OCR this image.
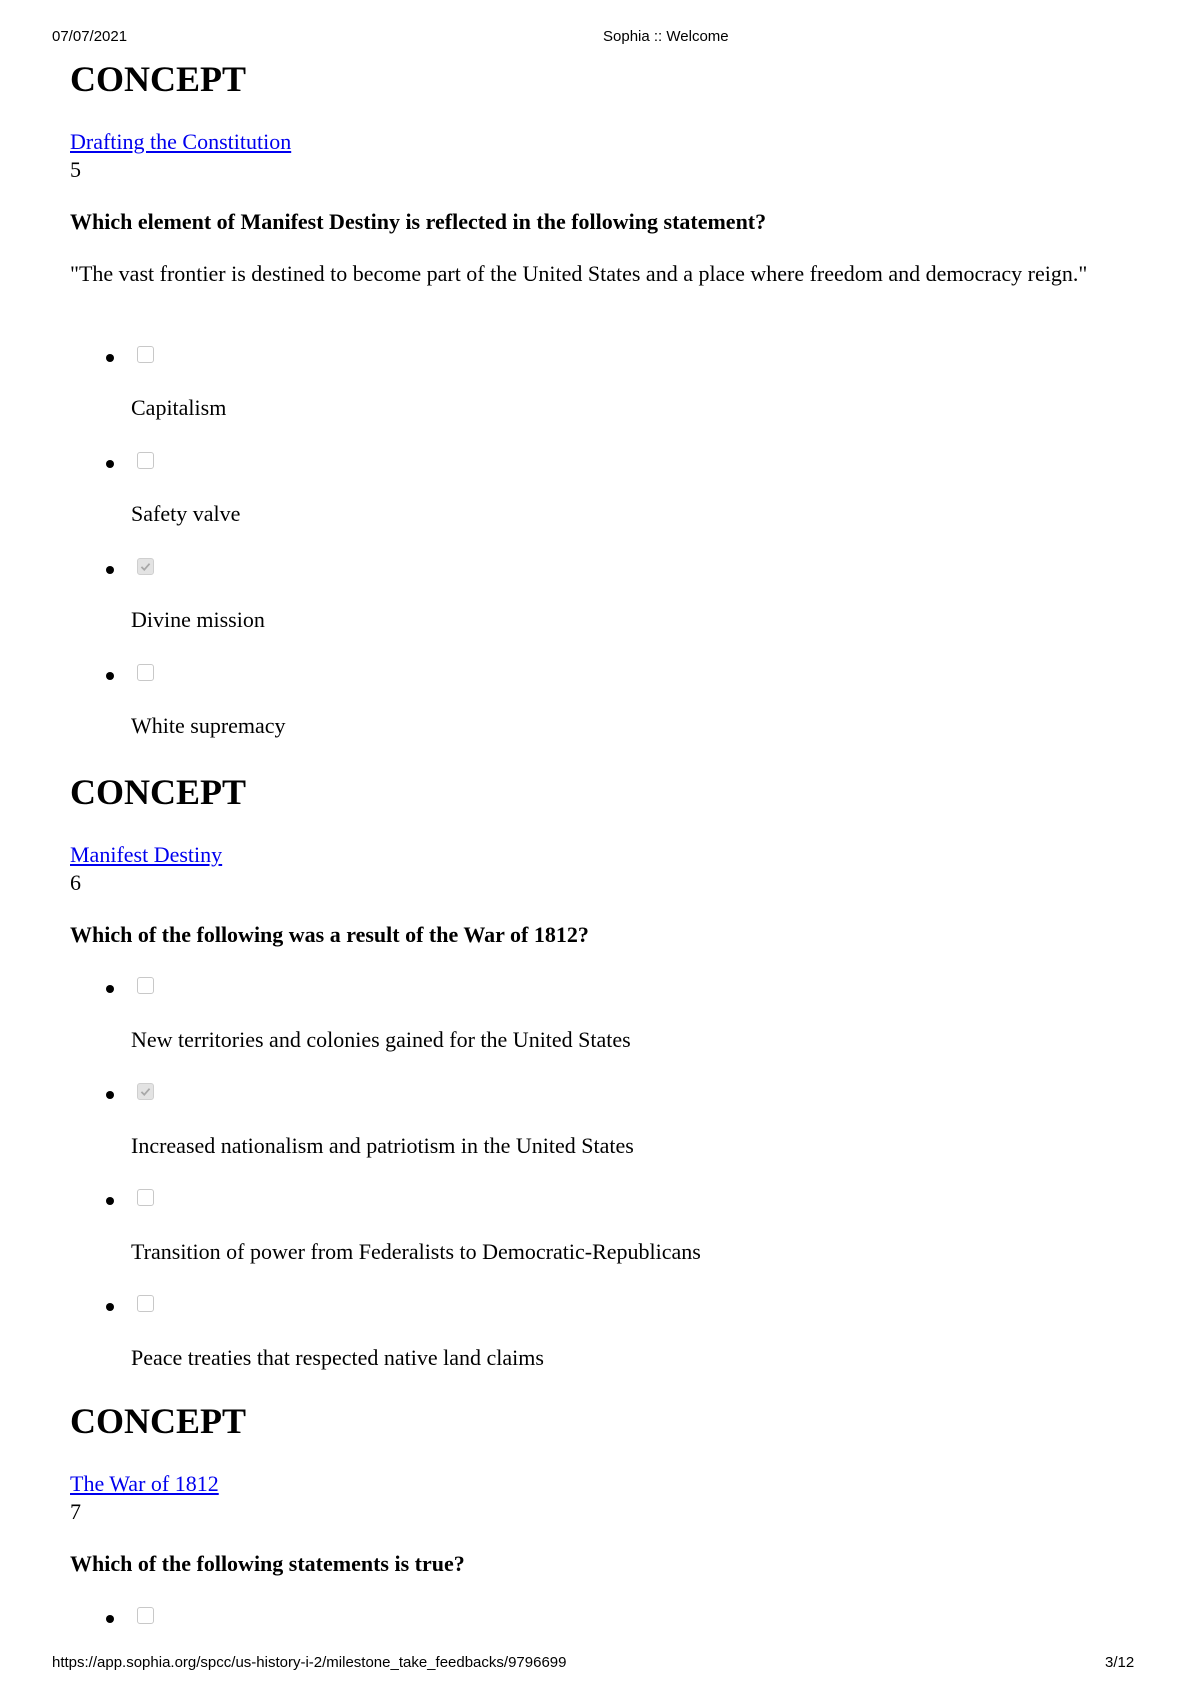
07/07/2021	Sophia :: Welcome
CONCEPT
Drafting the Constitution
5
Which element of Manifest Destiny is reflected in the following statement?
"The vast frontier is destined to become part of the United States and a place where freedom and democracy reign."
Capitalism
Safety valve
Divine mission
White supremacy
CONCEPT
Manifest Destiny
6
Which of the following was a result of the War of 1812?
New territories and colonies gained for the United States
Increased nationalism and patriotism in the United States
Transition of power from Federalists to Democratic-Republicans
Peace treaties that respected native land claims
CONCEPT
The War of 1812
7
Which of the following statements is true?
https://app.sophia.org/spcc/us-history-i-2/milestone_take_feedbacks/9796699	3/12
